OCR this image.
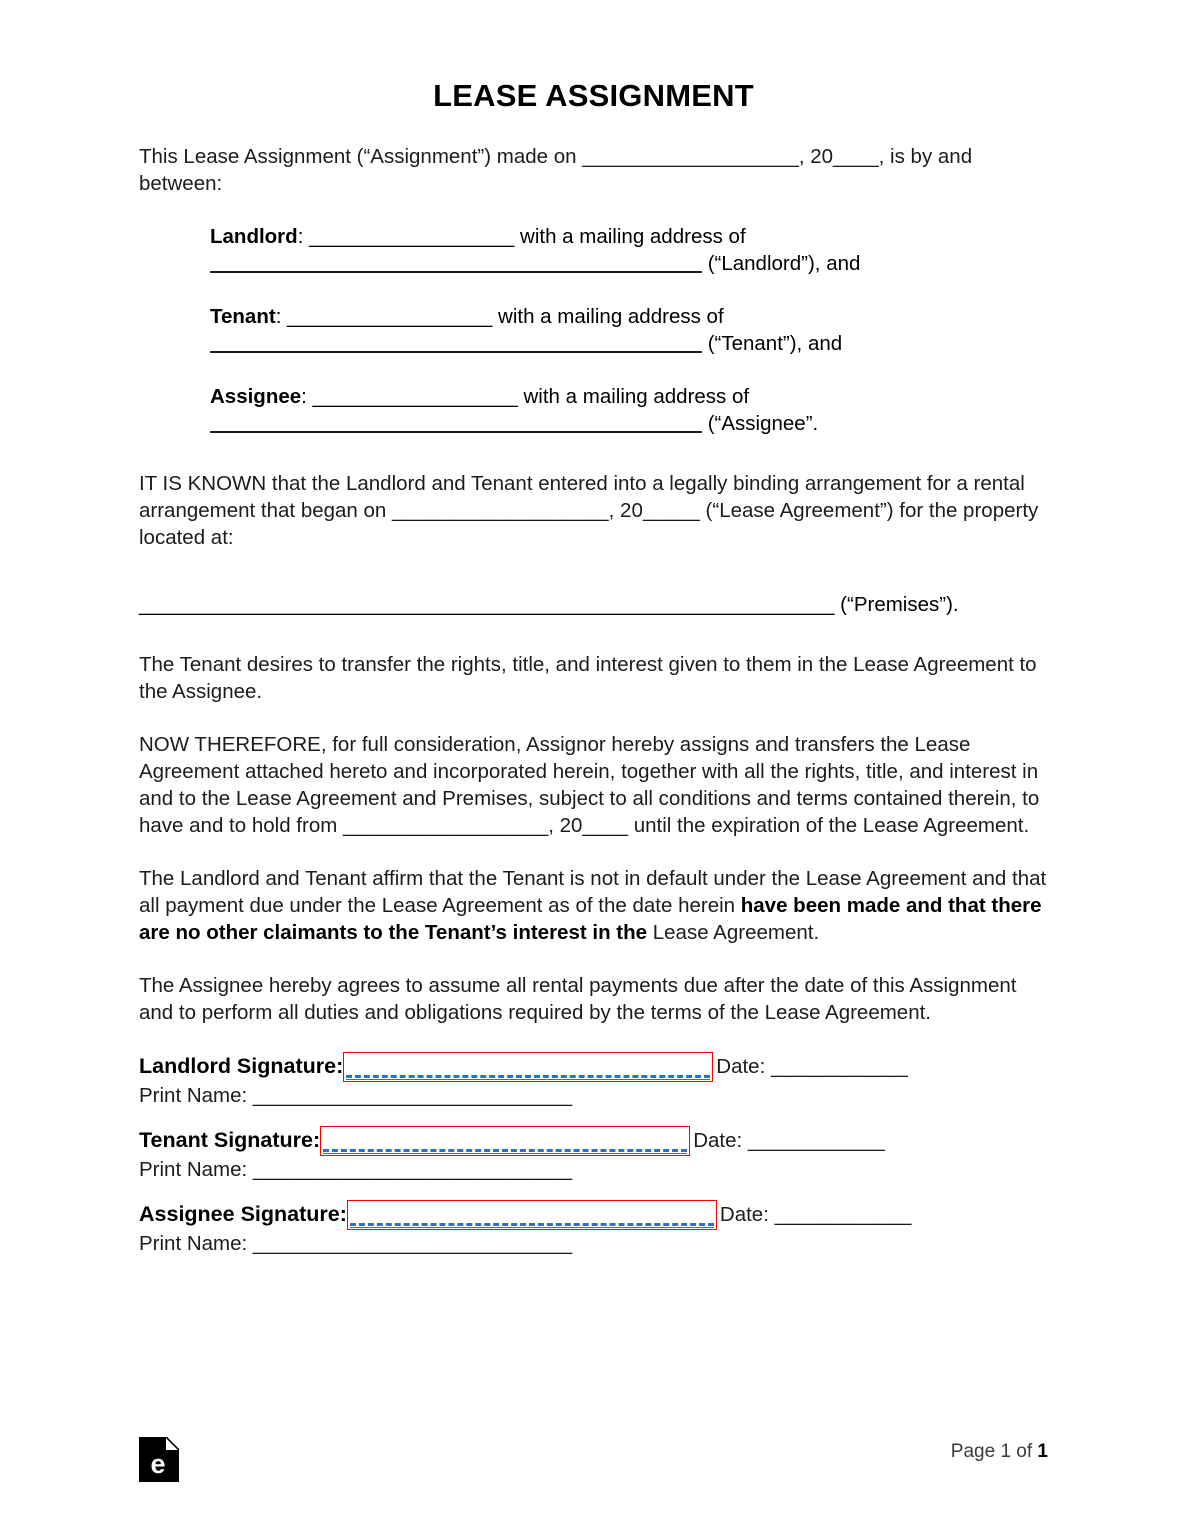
LEASE ASSIGNMENT

This Lease Assignment (“Assignment”) made on ___________________, 20____, is by and between:

Landlord: __________________ with a mailing address of
(“Landlord”), and
Tenant: __________________ with a mailing address of
(“Tenant”), and
Assignee: __________________ with a mailing address of
(“Assignee”.

IT IS KNOWN that the Landlord and Tenant entered into a legally binding arrangement for a rental arrangement that began on ___________________, 20_____ (“Lease Agreement”) for the property located at:

_____________________________________________________________ (“Premises”).

The Tenant desires to transfer the rights, title, and interest given to them in the Lease Agreement to the Assignee.

NOW THEREFORE, for full consideration, Assignor hereby assigns and transfers the Lease Agreement attached hereto and incorporated herein, together with all the rights, title, and interest in and to the Lease Agreement and Premises, subject to all conditions and terms contained therein, to have and to hold from __________________, 20____ until the expiration of the Lease Agreement.

The Landlord and Tenant affirm that the Tenant is not in default under the Lease Agreement and that all payment due under the Lease Agreement as of the date herein have been made and that there are no other claimants to the Tenant’s interest in the Lease Agreement.

The Assignee hereby agrees to assume all rental payments due after the date of this Assignment and to perform all duties and obligations required by the terms of the Lease Agreement.

Landlord Signature:	Date: ____________
Print Name: ____________________________
Tenant Signature:	Date: ____________
Print Name: ____________________________
Assignee Signature:	Date: ____________
Print Name: ____________________________
e	Page 1 of 1
